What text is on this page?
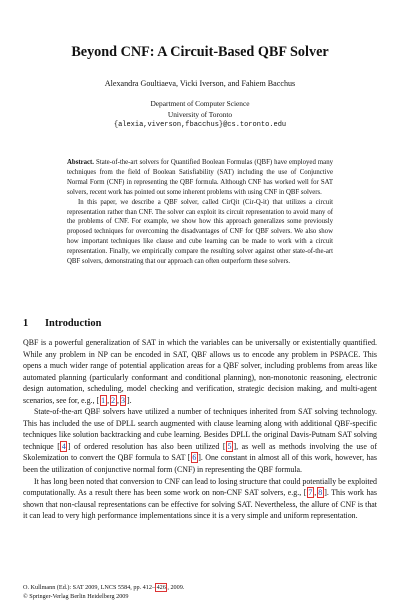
Beyond CNF: A Circuit-Based QBF Solver
Alexandra Goultiaeva, Vicki Iverson, and Fahiem Bacchus
Department of Computer Science
University of Toronto
{alexia,viverson,fbacchus}@cs.toronto.edu

Abstract. State-of-the-art solvers for Quantified Boolean Formulas (QBF) have employed many techniques from the field of Boolean Satisfiability (SAT) including the use of Conjunctive Normal Form (CNF) in representing the QBF formula. Although CNF has worked well for SAT solvers, recent work has pointed out some inherent problems with using CNF in QBF solvers.

In this paper, we describe a QBF solver, called CirQit (Cir-Q-it) that utilizes a circuit representation rather than CNF. The solver can exploit its circuit representation to avoid many of the problems of CNF. For example, we show how this approach generalizes some previously proposed techniques for overcoming the disadvantages of CNF for QBF solvers. We also show how important techniques like clause and cube learning can be made to work with a circuit representation. Finally, we empirically compare the resulting solver against other state-of-the-art QBF solvers, demonstrating that our approach can often outperform these solvers.

1 Introduction

QBF is a powerful generalization of SAT in which the variables can be universally or existentially quantified. While any problem in NP can be encoded in SAT, QBF allows us to encode any problem in PSPACE. This opens a much wider range of potential application areas for a QBF solver, including problems from areas like automated planning (particularly conformant and conditional planning), non-monotonic reasoning, electronic design automation, scheduling, model checking and verification, strategic decision making, and multi-agent scenarios, see for, e.g., [ 1 , 2 , 3 ].

State-of-the-art QBF solvers have utilized a number of techniques inherited from SAT solving technology. This has included the use of DPLL search augmented with clause learning along with additional QBF-specific techniques like solution backtracking and cube learning. Besides DPLL the original Davis-Putnam SAT solving technique [ 4 ] of ordered resolution has also been utilized [ 5 ], as well as methods involving the use of Skolemization to convert the QBF formula to SAT [ 6 ]. One constant in almost all of this work, however, has been the utilization of conjunctive normal form (CNF) in representing the QBF formula.

It has long been noted that conversion to CNF can lead to losing structure that could potentially be exploited computationally. As a result there has been some work on non-CNF SAT solvers, e.g., [ 7 , 8 ]. This work has shown that non-clausal representations can be effective for solving SAT. Nevertheless, the allure of CNF is that it can lead to very high performance implementations since it is a very simple and uniform representation.

O. Kullmann (Ed.): SAT 2009, LNCS 5584, pp. 412– 426 , 2009.
© Springer-Verlag Berlin Heidelberg 2009
